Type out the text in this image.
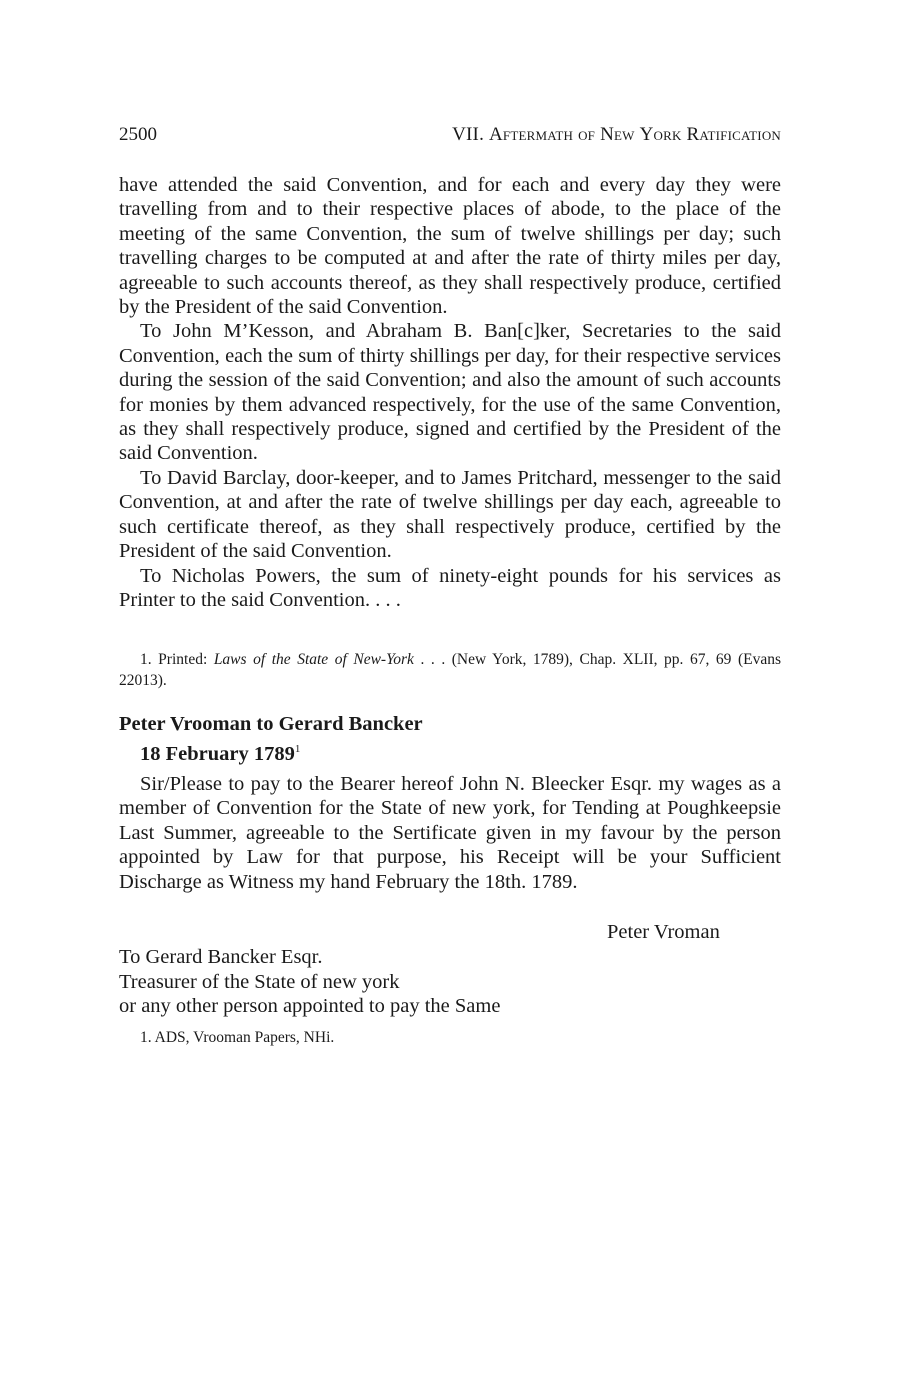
2500	VII. Aftermath of New York Ratification

have attended the said Convention, and for each and every day they were travelling from and to their respective places of abode, to the place of the meeting of the same Convention, the sum of twelve shillings per day; such travelling charges to be computed at and after the rate of thirty miles per day, agreeable to such accounts thereof, as they shall respectively produce, certified by the President of the said Convention.

To John M’Kesson, and Abraham B. Ban[c]ker, Secretaries to the said Convention, each the sum of thirty shillings per day, for their respective services during the session of the said Convention; and also the amount of such accounts for monies by them advanced respectively, for the use of the same Convention, as they shall respectively produce, signed and certified by the President of the said Convention.

To David Barclay, door-keeper, and to James Pritchard, messenger to the said Convention, at and after the rate of twelve shillings per day each, agreeable to such certificate thereof, as they shall respectively produce, certified by the President of the said Convention.

To Nicholas Powers, the sum of ninety-eight pounds for his services as Printer to the said Convention. . . .

1. Printed: Laws of the State of New-York . . . (New York, 1789), Chap. XLII, pp. 67, 69 (Evans 22013).

Peter Vrooman to Gerard Bancker
18 February 1789$^1$

Sir/Please to pay to the Bearer hereof John N. Bleecker Esqr. my wages as a member of Convention for the State of new york, for Tending at Poughkeepsie Last Summer, agreeable to the Sertificate given in my favour by the person appointed by Law for that purpose, his Receipt will be your Sufficient Discharge as Witness my hand February the 18th. 1789.

Peter Vroman
To Gerard Bancker Esqr.
Treasurer of the State of new york
or any other person appointed to pay the Same

1. ADS, Vrooman Papers, NHi.
